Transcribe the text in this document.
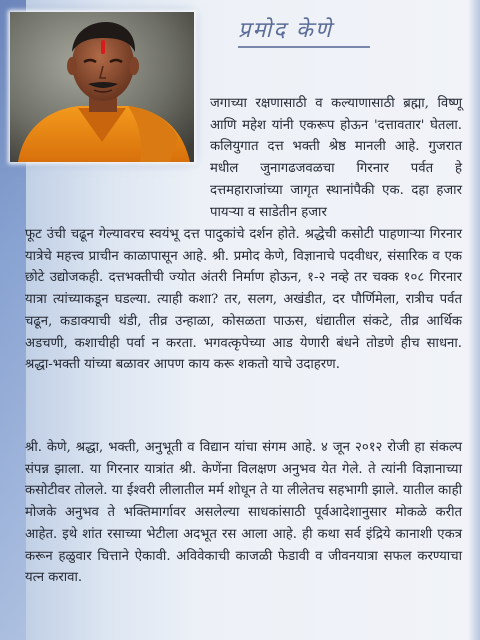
प्रमोद केणे

जगाच्या रक्षणासाठी व कल्याणासाठी ब्रह्मा, विष्णू आणि महेश यांनी एकरूप होऊन 'दत्तावतार' घेतला. कलियुगात दत्त भक्ती श्रेष्ठ मानली आहे. गुजरात मधील जुनागढजवळचा गिरनार पर्वत हे दत्तमहाराजांच्या जागृत स्थानांपैकी एक. दहा हजार पायऱ्या व साडेतीन हजार

फूट उंची चढून गेल्यावरच स्वयंभू दत्त पादुकांचे दर्शन होते. श्रद्धेची कसोटी पाहणाऱ्या गिरनार यात्रेचे महत्त्व प्राचीन काळापासून आहे. श्री. प्रमोद केणे, विज्ञानाचे पदवीधर, संसारिक व एक छोटे उद्योजकही. दत्तभक्तीची ज्योत अंतरी निर्माण होऊन, १-२ नव्हे तर चक्क १०८ गिरनार यात्रा त्यांच्याकडून घडल्या. त्याही कशा? तर, सलग, अखंडीत, दर पौर्णिमेला, रात्रीच पर्वत चढून, कडाक्याची थंडी, तीव्र उन्हाळा, कोसळता पाऊस, धंद्यातील संकटे, तीव्र आर्थिक अडचणी, कशाचीही पर्वा न करता. भगवत्कृपेच्या आड येणारी बंधने तोडणे हीच साधना. श्रद्धा-भक्ती यांच्या बळावर आपण काय करू शकतो याचे उदाहरण.

श्री. केणे, श्रद्धा, भक्ती, अनुभूती व विद्यान यांचा संगम आहे. ४ जून २०१२ रोजी हा संकल्प संपन्न झाला. या गिरनार यात्रांत श्री. केणेंना विलक्षण अनुभव येत गेले. ते त्यांनी विज्ञानाच्या कसोटीवर तोलले. या ईश्वरी लीलातील मर्म शोधून ते या लीलेतच सहभागी झाले. यातील काही मोजके अनुभव ते भक्तिमार्गावर असलेल्या साधकांसाठी पूर्वआदेशानुसार मोकळे करीत आहेत. इथे शांत रसाच्या भेटीला अदभूत रस आला आहे. ही कथा सर्व इंद्रिये कानाशी एकत्र करून हळुवार चित्ताने ऐकावी. अविवेकाची काजळी फेडावी व जीवनयात्रा सफल करण्याचा यत्न करावा.
